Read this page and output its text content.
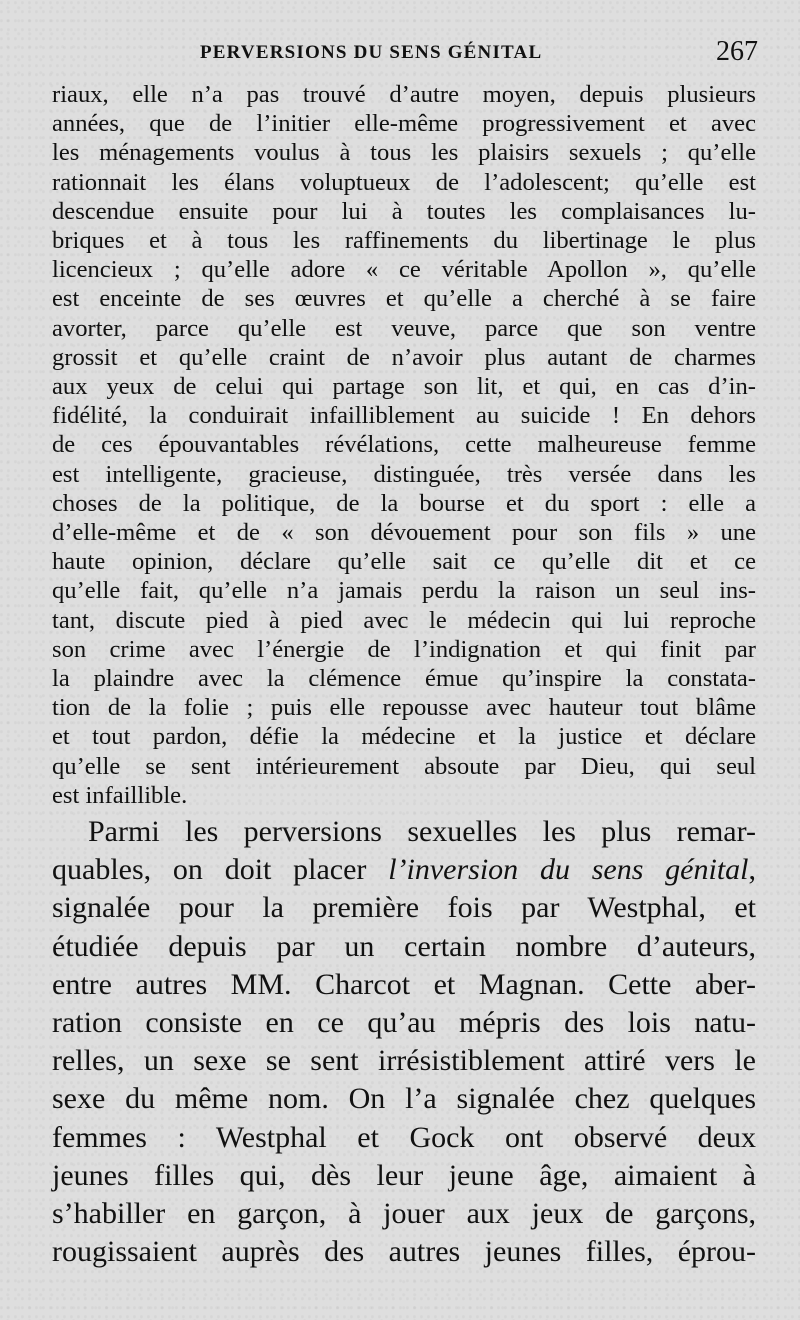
PERVERSIONS DU SENS GÉNITAL	267
riaux, elle n’a pas trouvé d’autre moyen, depuis plusieurs
années, que de l’initier elle-même progressivement et avec
les ménagements voulus à tous les plaisirs sexuels ; qu’elle
rationnait les élans voluptueux de l’adolescent; qu’elle est
descendue ensuite pour lui à toutes les complaisances lu-
briques et à tous les raffinements du libertinage le plus
licencieux ; qu’elle adore « ce véritable Apollon », qu’elle
est enceinte de ses œuvres et qu’elle a cherché à se faire
avorter, parce qu’elle est veuve, parce que son ventre
grossit et qu’elle craint de n’avoir plus autant de charmes
aux yeux de celui qui partage son lit, et qui, en cas d’in-
fidélité, la conduirait infailliblement au suicide ! En dehors
de ces épouvantables révélations, cette malheureuse femme
est intelligente, gracieuse, distinguée, très versée dans les
choses de la politique, de la bourse et du sport : elle a
d’elle-même et de « son dévouement pour son fils » une
haute opinion, déclare qu’elle sait ce qu’elle dit et ce
qu’elle fait, qu’elle n’a jamais perdu la raison un seul ins-
tant, discute pied à pied avec le médecin qui lui reproche
son crime avec l’énergie de l’indignation et qui finit par
la plaindre avec la clémence émue qu’inspire la constata-
tion de la folie ; puis elle repousse avec hauteur tout blâme
et tout pardon, défie la médecine et la justice et déclare
qu’elle se sent intérieurement absoute par Dieu, qui seul
est infaillible.
Parmi les perversions sexuelles les plus remar-
quables, on doit placer l’inversion du sens génital,
signalée pour la première fois par Westphal, et
étudiée depuis par un certain nombre d’auteurs,
entre autres MM. Charcot et Magnan. Cette aber-
ration consiste en ce qu’au mépris des lois natu-
relles, un sexe se sent irrésistiblement attiré vers le
sexe du même nom. On l’a signalée chez quelques
femmes : Westphal et Gock ont observé deux
jeunes filles qui, dès leur jeune âge, aimaient à
s’habiller en garçon, à jouer aux jeux de garçons,
rougissaient auprès des autres jeunes filles, éprou-
